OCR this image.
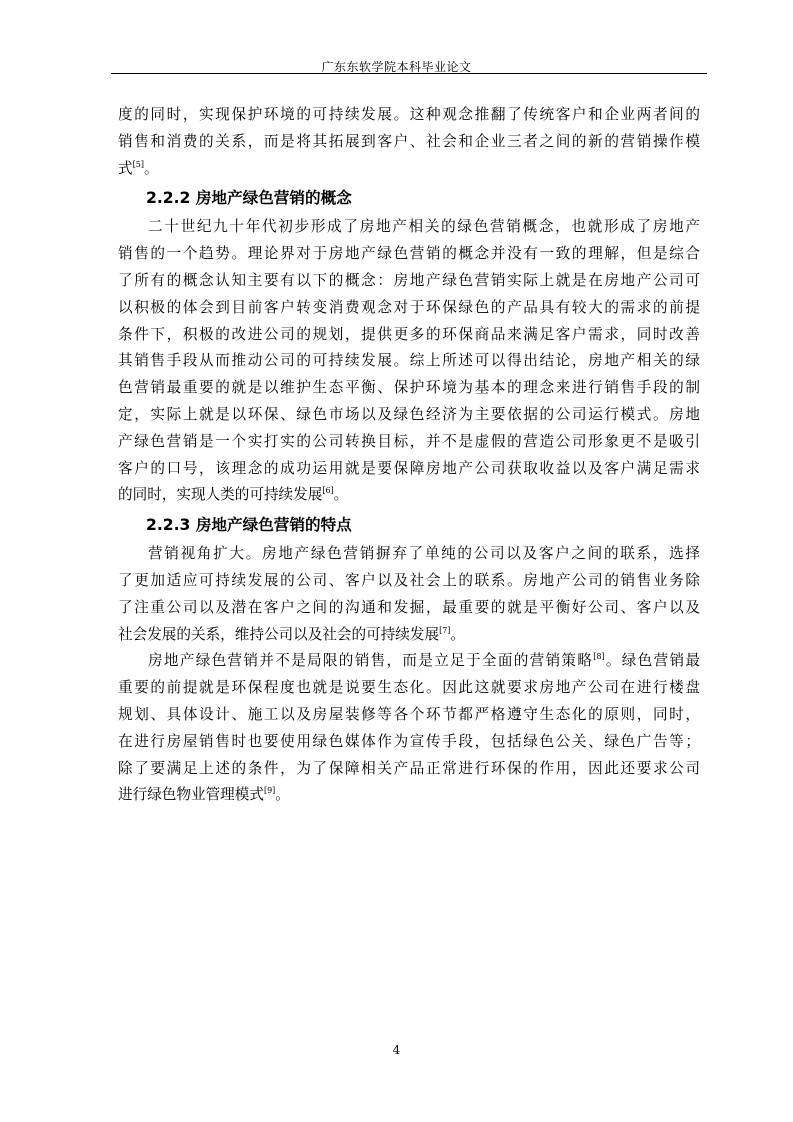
广东东软学院本科毕业论文
度的同时，实现保护环境的可持续发展。这种观念推翻了传统客户和企业两者间的
销售和消费的关系，而是将其拓展到客户、社会和企业三者之间的新的营销操作模
式[5]。
2.2.2 房地产绿色营销的概念
二十世纪九十年代初步形成了房地产相关的绿色营销概念，也就形成了房地产
销售的一个趋势。理论界对于房地产绿色营销的概念并没有一致的理解，但是综合
了所有的概念认知主要有以下的概念：房地产绿色营销实际上就是在房地产公司可
以积极的体会到目前客户转变消费观念对于环保绿色的产品具有较大的需求的前提
条件下，积极的改进公司的规划，提供更多的环保商品来满足客户需求，同时改善
其销售手段从而推动公司的可持续发展。综上所述可以得出结论，房地产相关的绿
色营销最重要的就是以维护生态平衡、保护环境为基本的理念来进行销售手段的制
定，实际上就是以环保、绿色市场以及绿色经济为主要依据的公司运行模式。房地
产绿色营销是一个实打实的公司转换目标，并不是虚假的营造公司形象更不是吸引
客户的口号，该理念的成功运用就是要保障房地产公司获取收益以及客户满足需求
的同时，实现人类的可持续发展[6]。
2.2.3 房地产绿色营销的特点
营销视角扩大。房地产绿色营销摒弃了单纯的公司以及客户之间的联系，选择
了更加适应可持续发展的公司、客户以及社会上的联系。房地产公司的销售业务除
了注重公司以及潜在客户之间的沟通和发掘，最重要的就是平衡好公司、客户以及
社会发展的关系，维持公司以及社会的可持续发展[7]。
房地产绿色营销并不是局限的销售，而是立足于全面的营销策略[8]。绿色营销最
重要的前提就是环保程度也就是说要生态化。因此这就要求房地产公司在进行楼盘
规划、具体设计、施工以及房屋装修等各个环节都严格遵守生态化的原则，同时，
在进行房屋销售时也要使用绿色媒体作为宣传手段，包括绿色公关、绿色广告等；
除了要满足上述的条件，为了保障相关产品正常进行环保的作用，因此还要求公司
进行绿色物业管理模式[9]。
4
